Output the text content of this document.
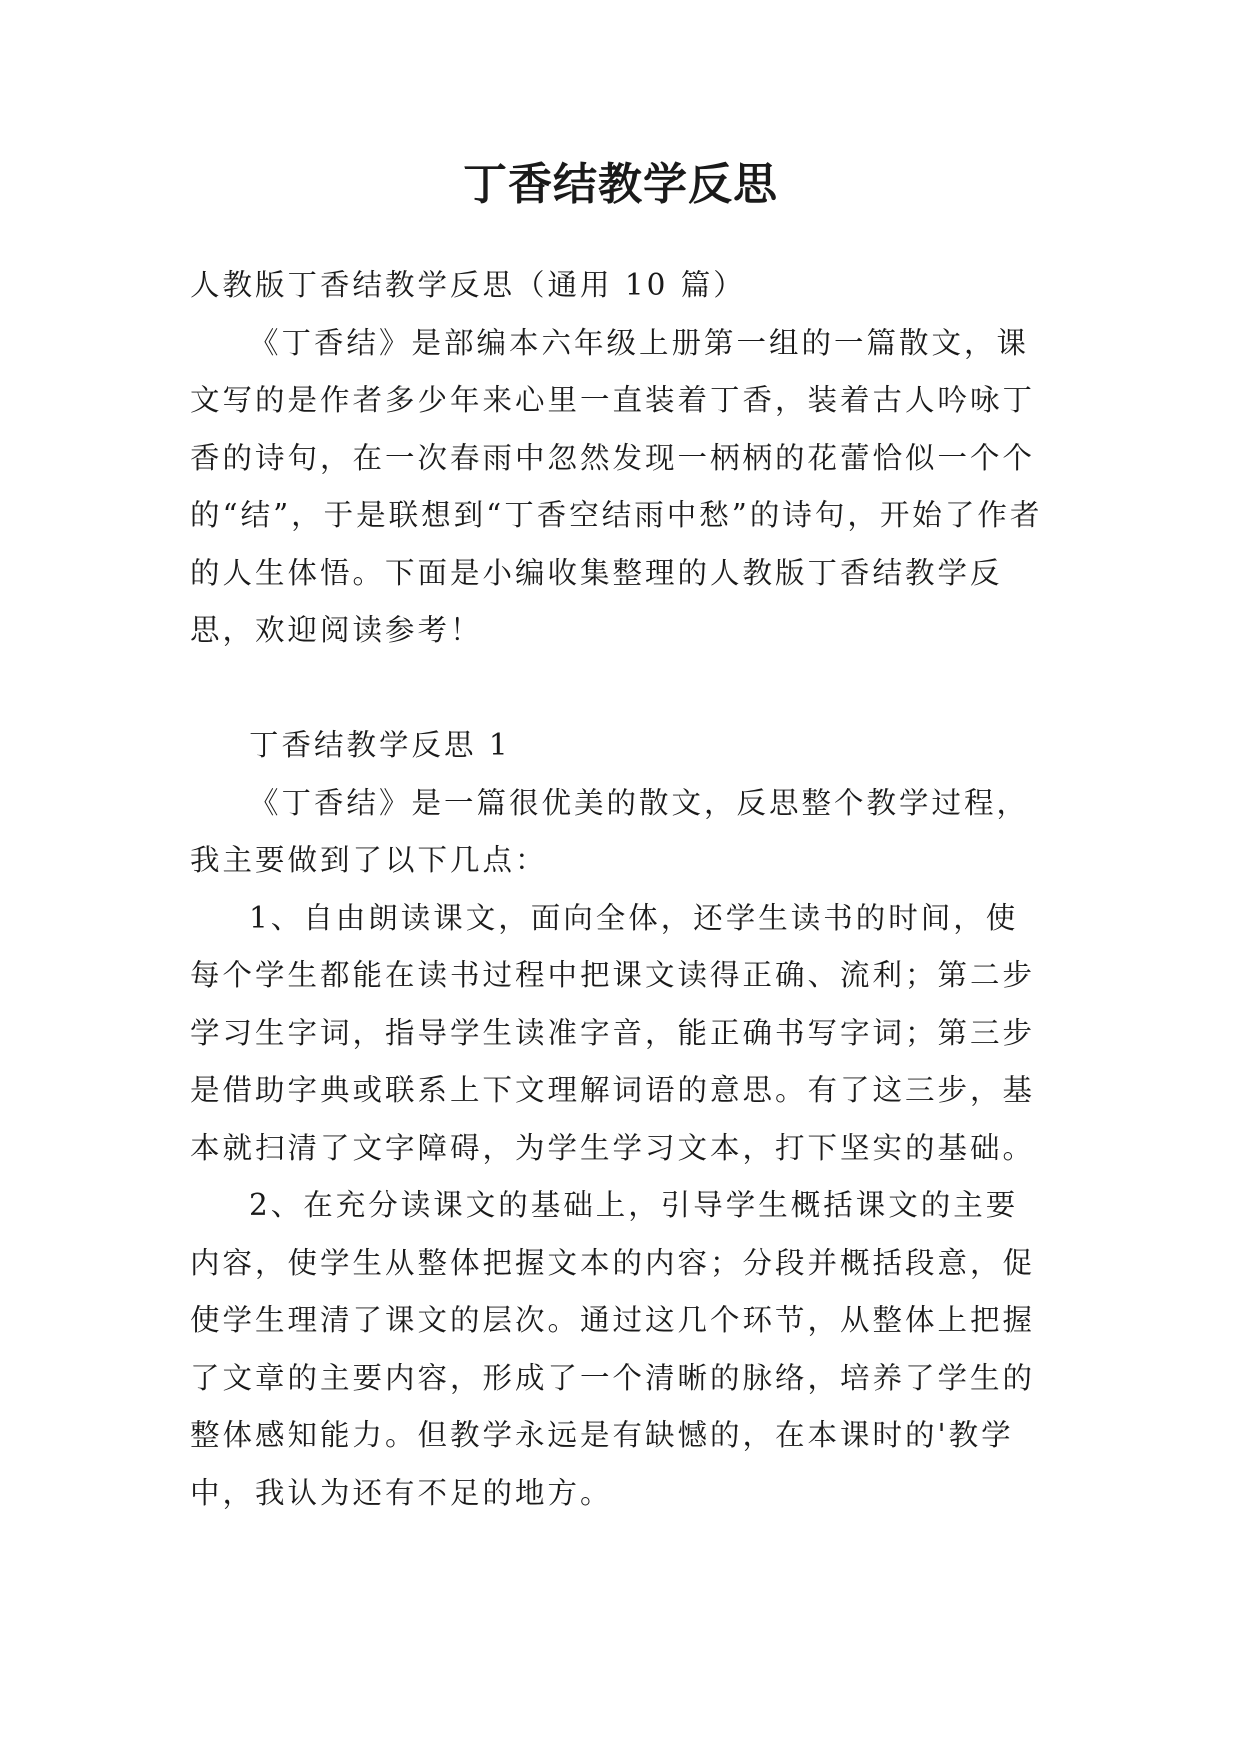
丁香结教学反思

人教版丁香结教学反思（通用 10 篇）

《丁香结》是部编本六年级上册第一组的一篇散文，课文写的是作者多少年来心里一直装着丁香，装着古人吟咏丁香的诗句，在一次春雨中忽然发现一柄柄的花蕾恰似一个个的“结”，于是联想到“丁香空结雨中愁”的诗句，开始了作者的人生体悟。下面是小编收集整理的人教版丁香结教学反思，欢迎阅读参考！

丁香结教学反思 1

《丁香结》是一篇很优美的散文，反思整个教学过程，我主要做到了以下几点：

1、自由朗读课文，面向全体，还学生读书的时间，使每个学生都能在读书过程中把课文读得正确、流利；第二步学习生字词，指导学生读准字音，能正确书写字词；第三步是借助字典或联系上下文理解词语的意思。有了这三步，基本就扫清了文字障碍，为学生学习文本，打下坚实的基础。

2、在充分读课文的基础上，引导学生概括课文的主要内容，使学生从整体把握文本的内容；分段并概括段意，促使学生理清了课文的层次。通过这几个环节，从整体上把握了文章的主要内容，形成了一个清晰的脉络，培养了学生的整体感知能力。但教学永远是有缺憾的，在本课时的'教学中，我认为还有不足的地方。
